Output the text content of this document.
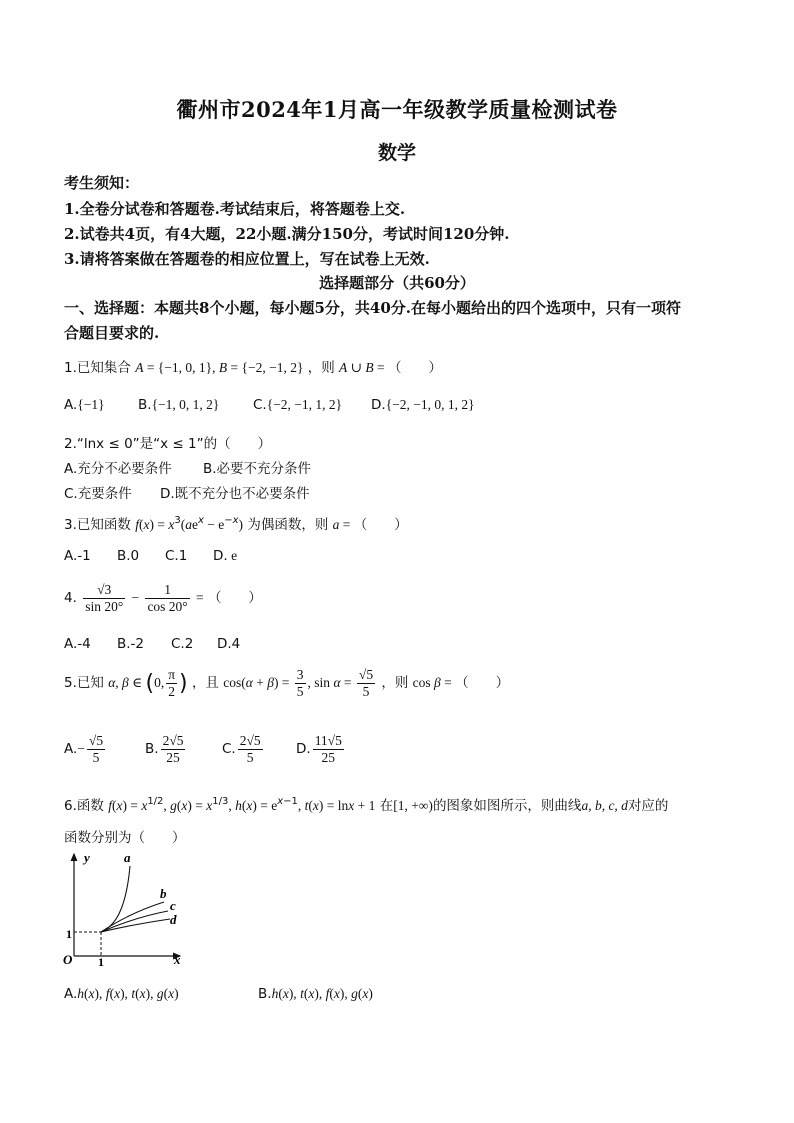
衢州市2024年1月高一年级教学质量检测试卷
数学
考生须知：
1.全卷分试卷和答题卷.考试结束后，将答题卷上交.
2.试卷共4页，有4大题，22小题.满分150分，考试时间120分钟.
3.请将答案做在答题卷的相应位置上，写在试卷上无效.
选择题部分（共60分）
一、选择题：本题共8个小题，每小题5分，共40分.在每小题给出的四个选项中，只有一项符
合题目要求的.
1.已知集合 A = {−1, 0, 1}, B = {−2, −1, 2} ，则 A ∪ B = （　　）
A.{−1} B.{−1, 0, 1, 2} C.{−2, −1, 1, 2} D.{−2, −1, 0, 1, 2}
2.“lnx ≤ 0”是“x ≤ 1”的（　　）
A.充分不必要条件 B.必要不充分条件
C.充要条件 D.既不充分也不必要条件
3.已知函数 $f(x) = x^3(ae^x - e^{-x})$ 为偶函数，则 a = （　　）
A.-1 B.0 C.1 D. e
4. $\frac{√3}{\sin 20^\circ} - \frac{1}{\cos 20^\circ}$ = （　　）
A.-4 B.-2 C.2 D.4
5.已知 α, β ∈ (0, $\frac{\pi}{2}$ ) ，且 $\cos(\alpha + \beta) = \frac{3}{5}$ , $\sin \alpha = \frac{√5}{5}$ ，则 cos β = （　　）
$A.- \frac{√5}{5}$	B. $\frac{2√5}{25}$	C. $\frac{2√5}{5} D$. $\frac{11√5}{25}$
6.函数 $f(x) = x^{1/2}$, $g(x) = x^{1/3}$, $h(x) = e^{x-1}$, t(x) = lnx + 1 在[1, +∞)的图象如图所示，则曲线a, b, c, d对应的
函数分别为（　　）
y
x
O
1
1
a
b
c
d
A.h(x), f(x), t(x), g(x)	B.h(x), t(x), f(x), g(x)
